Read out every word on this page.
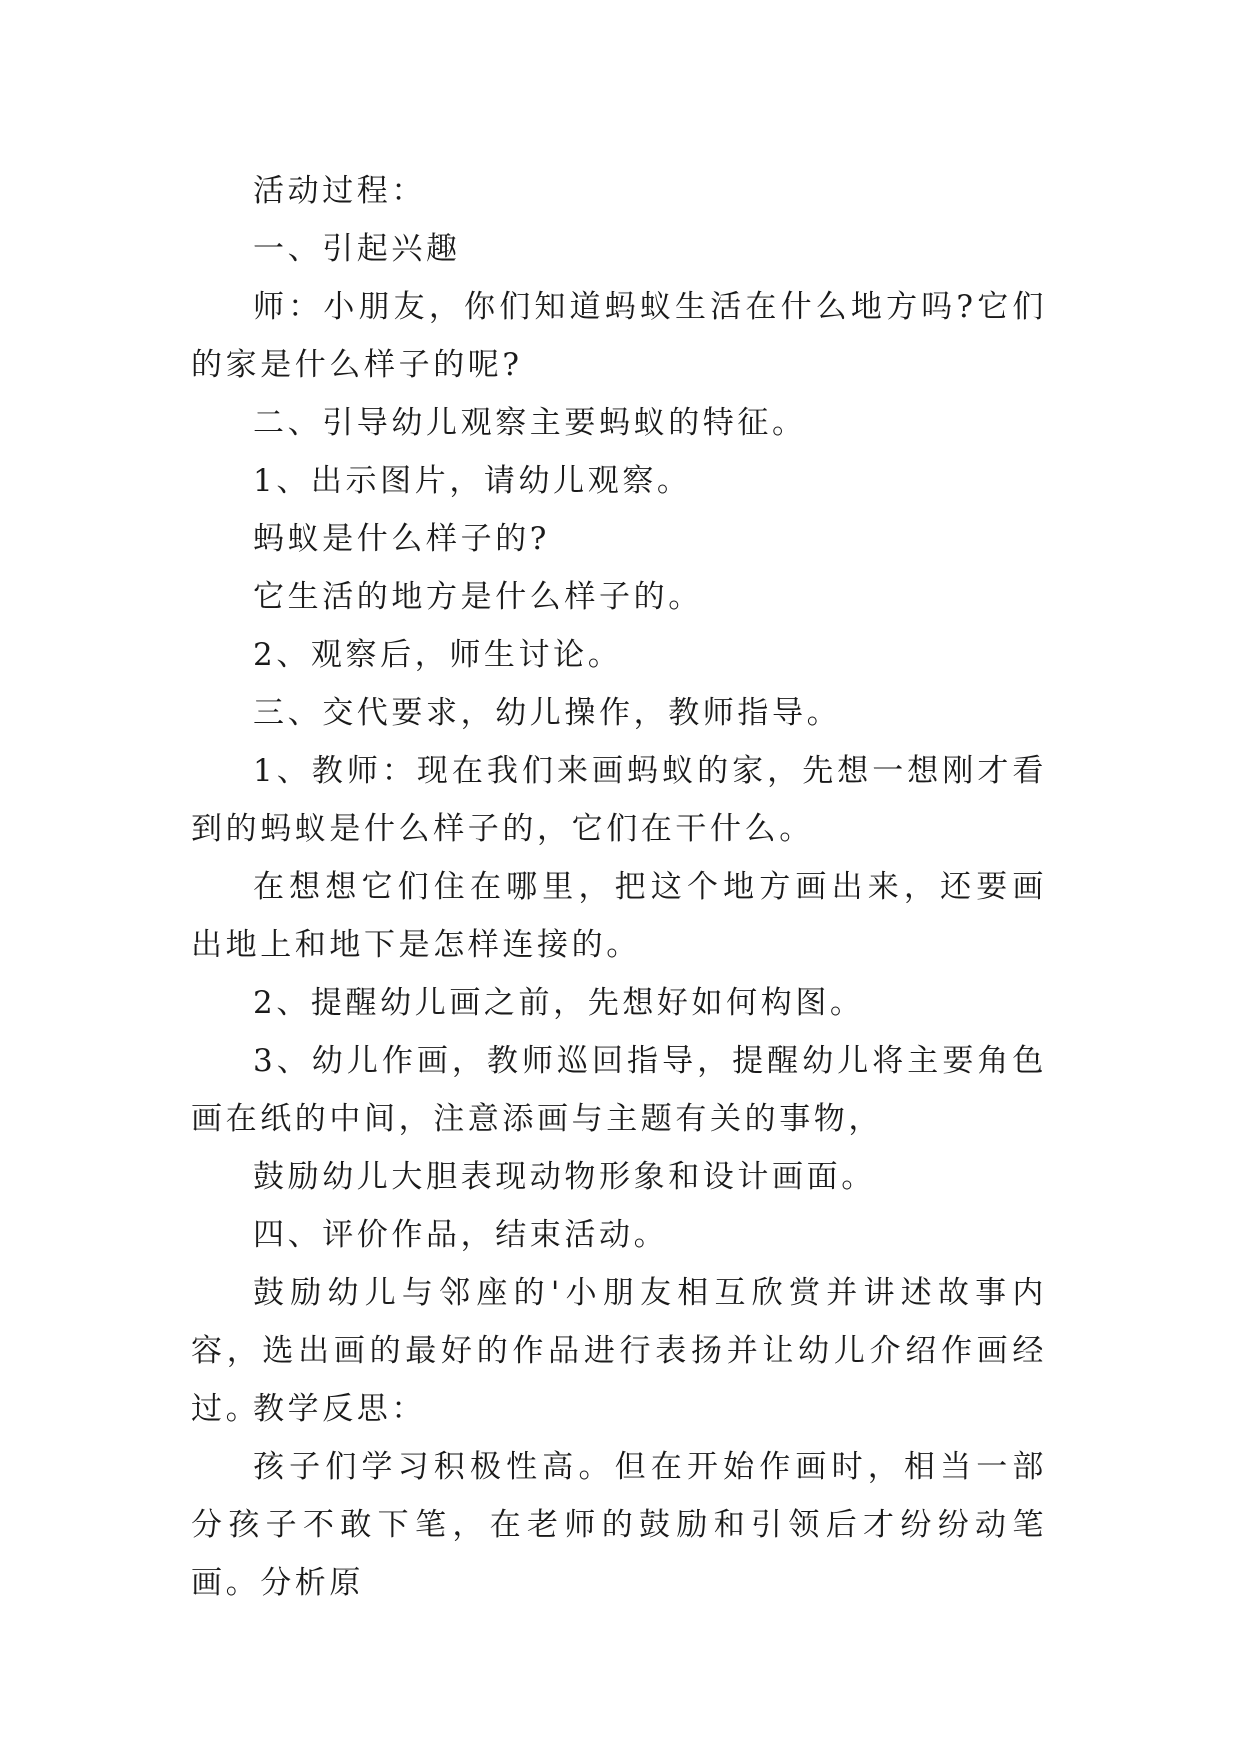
活动过程：

一、引起兴趣

师：小朋友，你们知道蚂蚁生活在什么地方吗?它们的家是什么样子的呢?

二、引导幼儿观察主要蚂蚁的特征。

1、出示图片，请幼儿观察。

蚂蚁是什么样子的?

它生活的地方是什么样子的。

2、观察后，师生讨论。

三、交代要求，幼儿操作，教师指导。

1、教师：现在我们来画蚂蚁的家，先想一想刚才看到的蚂蚁是什么样子的，它们在干什么。

在想想它们住在哪里，把这个地方画出来，还要画出地上和地下是怎样连接的。

2、提醒幼儿画之前，先想好如何构图。

3、幼儿作画，教师巡回指导，提醒幼儿将主要角色画在纸的中间，注意添画与主题有关的事物，

鼓励幼儿大胆表现动物形象和设计画面。

四、评价作品，结束活动。

鼓励幼儿与邻座的'小朋友相互欣赏并讲述故事内容，选出画的最好的作品进行表扬并让幼儿介绍作画经过。

教学反思：

孩子们学习积极性高。但在开始作画时，相当一部分孩子不敢下笔，在老师的鼓励和引领后才纷纷动笔画。分析原
